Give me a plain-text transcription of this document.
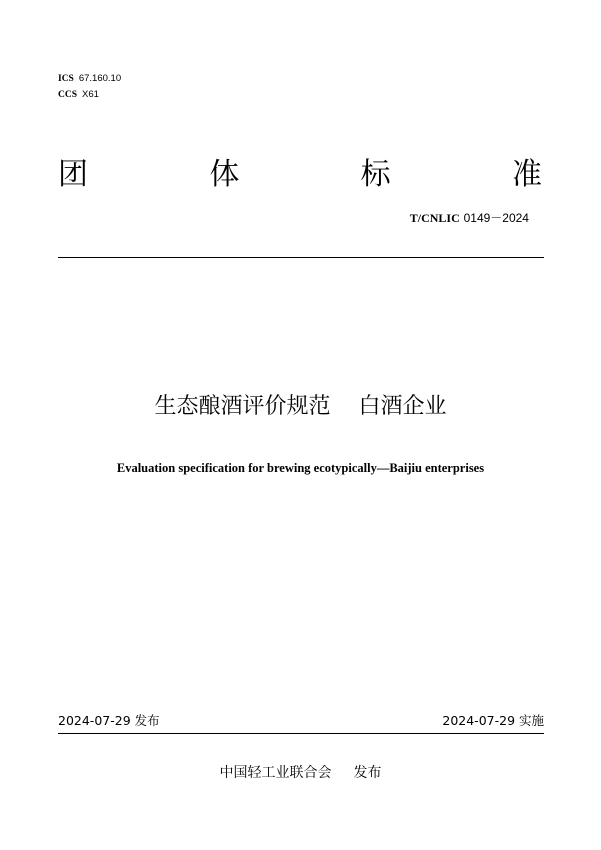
ICS 67.160.10
CCS X61
团	体	标	准
T/CNLIC 0149－2024
生态酿酒评价规范 白酒企业
Evaluation specification for brewing ecotypically—Baijiu enterprises
2024-07-29 发布	2024-07-29 实施
中国轻工业联合会 发布
